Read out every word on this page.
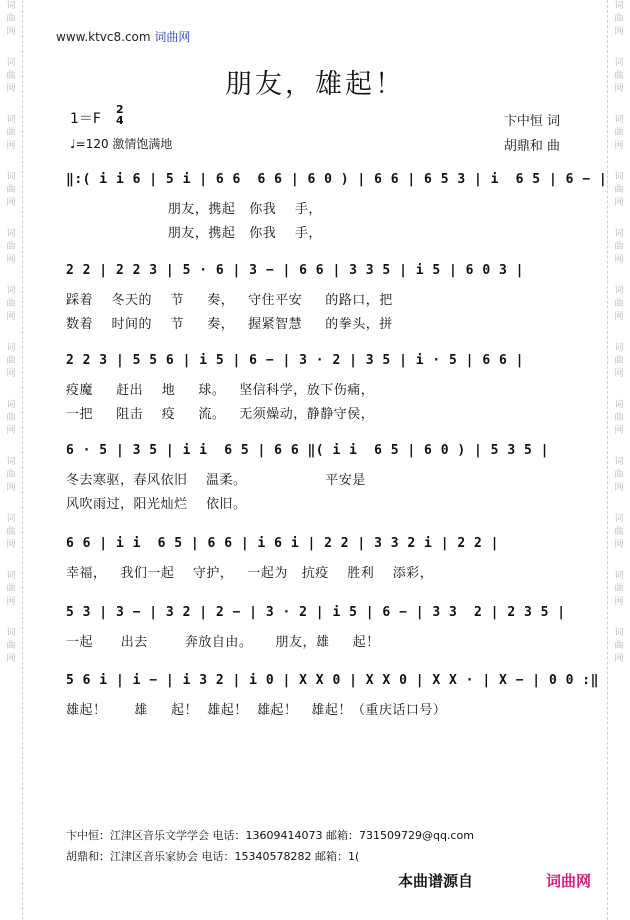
词
曲
网
词
曲
网
词
曲
网
词
曲
网
词
曲
网
词
曲
网
词
曲
网
词
曲
网
词
曲
网
词
曲
网
词
曲
网
词
曲
网
词
曲
网
词
曲
网
词
曲
网
词
曲
网
词
曲
网
词
曲
网
词
曲
网
词
曲
网
词
曲
网
词
曲
网
词
曲
网
词
曲
网
www.ktvc8.com 词曲网
朋友，雄起！
1＝F
2
4
♩=120 激情饱满地
卞中恒 词
胡鼎和 曲
‖:( i i 6 | 5 i | 6 6  6 6 | 6 0 ) | 6 6 | 6 5 3 | i  6 5 | 6 − |
朋友，携起   你我    手，
朋友，携起   你我    手，
2 2 | 2 2 3 | 5 · 6 | 3 − | 6 6 | 3 3 5 | i 5 | 6 0 3 |
踩着    冬天的    节     奏，   守住平安     的路口，把
数着    时间的    节     奏，   握紧智慧     的拳头，拼
2 2 3 | 5 5 6 | i 5 | 6 − | 3 · 2 | 3 5 | i · 5 | 6 6 |
疫魔     赶出    地     球。   坚信科学，放下伤痛，
一把     阻击    疫     流。   无须燥动，静静守侯，
6 · 5 | 3 5 | i i  6 5 | 6 6 ‖( i i  6 5 | 6 0 ) | 5 3 5 |
冬去寒驱，春风依旧    温柔。                 平安是
风吹雨过，阳光灿烂    依旧。
6 6 | i i  6 5 | 6 6 | i 6 i | 2 2 | 3 3 2 i | 2 2 |
幸福，   我们一起    守护，   一起为   抗疫    胜利    添彩，
5 3 | 3 − | 3 2 | 2 − | 3 · 2 | i 5 | 6 − | 3 3  2 | 2 3 5 |
一起      出去        奔放自由。     朋友，雄     起！
5 6 i | i − | i 3 2 | i 0 | X X 0 | X X 0 | X X · | X − | 0 0 :‖
雄起！      雄     起！  雄起！  雄起！   雄起！（重庆话口号）
卞中恒：江津区音乐文学学会 电话：13609414073 邮箱：731509729@qq.com
胡鼎和：江津区音乐家协会 电话：15340578282 邮箱：1(
本曲谱源自	词曲网
